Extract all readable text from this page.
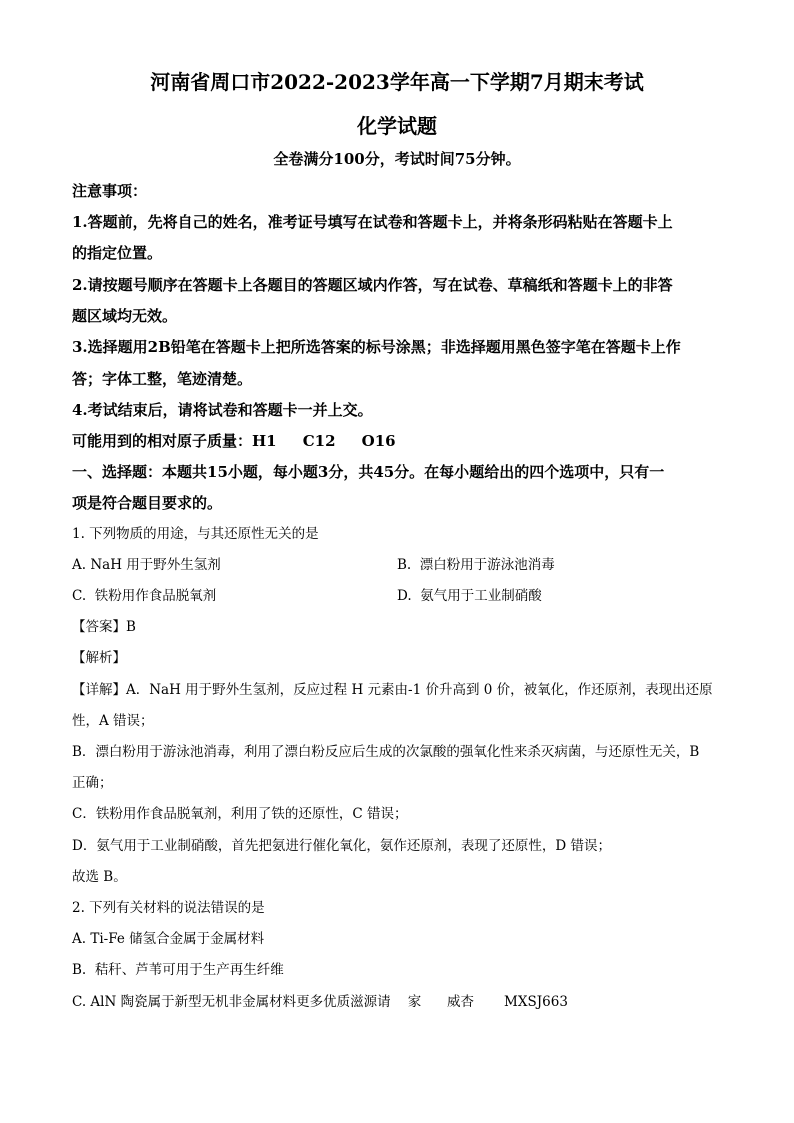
河南省周口市2022-2023学年高一下学期7月期末考试
化学试题
全卷满分100分，考试时间75分钟。
注意事项：
1.答题前，先将自己的姓名，准考证号填写在试卷和答题卡上，并将条形码粘贴在答题卡上
的指定位置。
2.请按题号顺序在答题卡上各题目的答题区域内作答，写在试卷、草稿纸和答题卡上的非答
题区域均无效。
3.选择题用2B铅笔在答题卡上把所选答案的标号涂黑；非选择题用黑色签字笔在答题卡上作
答；字体工整，笔迹清楚。
4.考试结束后，请将试卷和答题卡一并上交。
可能用到的相对原子质量：H1     C12     O16
一、选择题：本题共15小题，每小题3分，共45分。在每小题给出的四个选项中，只有一
项是符合题目要求的。
1. 下列物质的用途，与其还原性无关的是
A. NaH 用于野外生氢剂	B.  漂白粉用于游泳池消毒
C.  铁粉用作食品脱氧剂	D.  氨气用于工业制硝酸
【答案】B
【解析】
【详解】A．NaH 用于野外生氢剂，反应过程 H 元素由-1 价升高到 0 价，被氧化，作还原剂，表现出还原
性，A 错误；
B．漂白粉用于游泳池消毒，利用了漂白粉反应后生成的次氯酸的强氧化性来杀灭病菌，与还原性无关，B
正确；
C．铁粉用作食品脱氧剂，利用了铁的还原性，C 错误；
D．氨气用于工业制硝酸，首先把氨进行催化氧化，氨作还原剂，表现了还原性，D 错误；
故选 B。
2. 下列有关材料的说法错误的是
A. Ti-Fe 储氢合金属于金属材料
B.  秸秆、芦苇可用于生产再生纤维
C. AlN 陶瓷属于新型无机非金属材料更多优质滋源请    家      威杏       MXSJ663
